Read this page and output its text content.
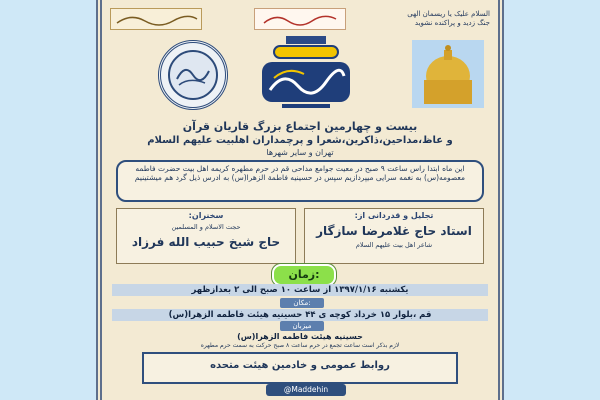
السلام علیک یا ریسمان الهی جنگ زدید و پراکنده نشوید
بیست و چهارمین اجتماع بزرگ قاریان قرآن
و عاظ،مداحین،ذاکرین،شعرا و پرچمداران اهلبیت علیهم السلام
تهران و سایر شهرها
این ماه ابتدا راس ساعت ۹ صبح در معیت جوامع مداحی قم در حرم مطهره کریمه اهل بیت حضرت فاطمه معصومه(س) به نغمه سرایی میپردازیم سپس در حسینیه فاطمة الزهرا(س) به ادرس ذیل گرد هم میشتینیم
سخنران:
حجت الاسلام و المسلمین
حاج شیخ حبیب الله فرزاد
تجلیل و قدردانی از:
استاد حاج غلامرضا سازگار
شاعر اهل بیت علیهم السلام
زمان:
یکشنبه ۱۳۹۷/۱/۱۶ از ساعت ۱۰ صبح الی ۲ بعدازظهر
مکان:
قم ،بلوار ۱۵ خرداد کوچه ی ۴۴ حسینیه هیئت فاطمه الزهرا(س)
میزبان
حسینیه هیئت فاطمه الزهرا(س)
لازم بذکر است ساعت تجمع در حرم ساعت ۸ صبح حرکت به سمت حرم مطهره
روابط عمومی و خادمین هیئت متحده
@Maddehin
